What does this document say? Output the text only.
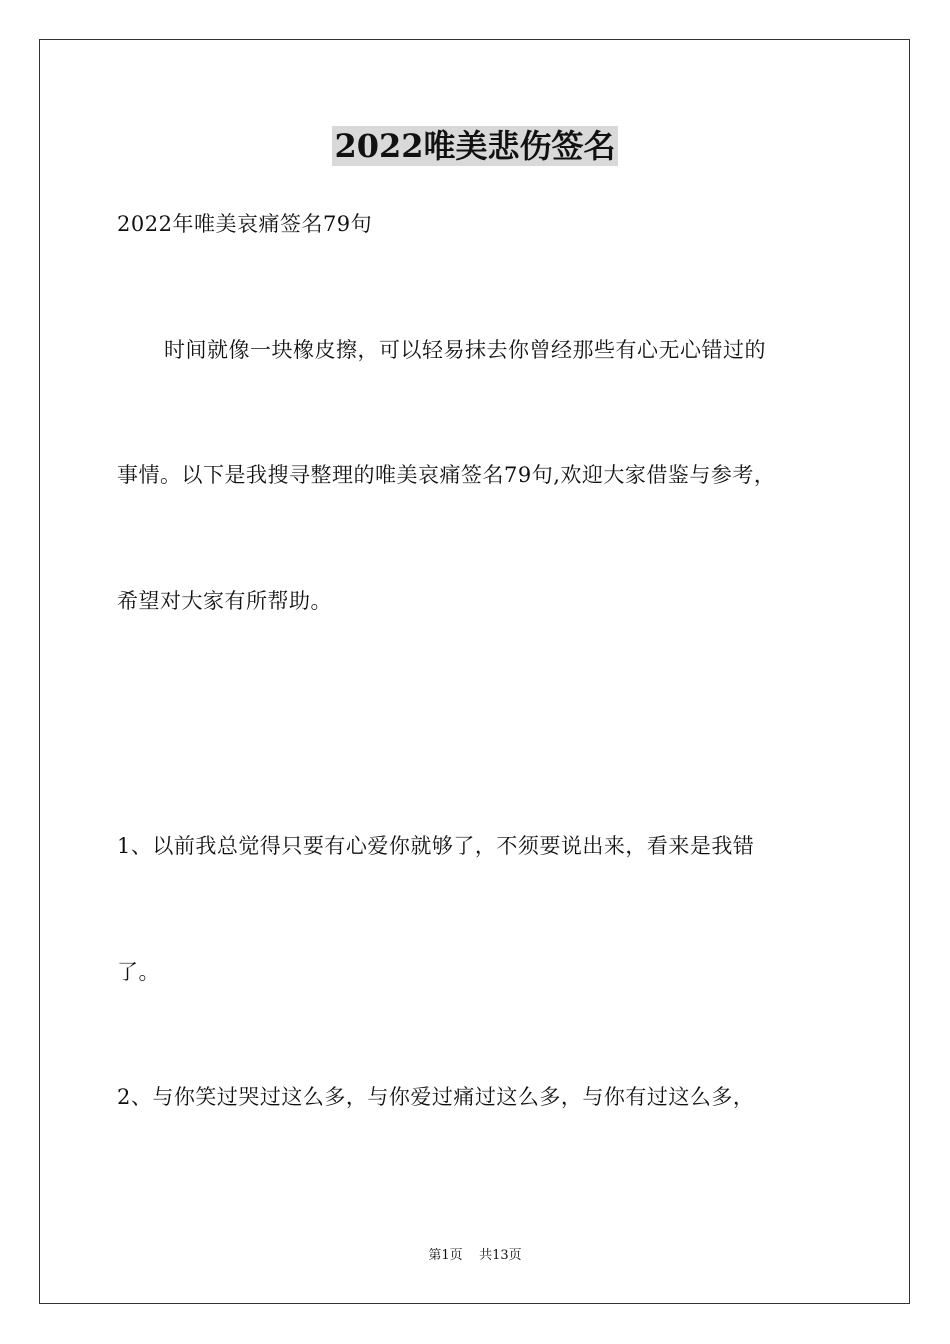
2022唯美悲伤签名
2022年唯美哀痛签名79句
时间就像一块橡皮擦，可以轻易抹去你曾经那些有心无心错过的
事情。以下是我搜寻整理的唯美哀痛签名79句,欢迎大家借鉴与参考，
希望对大家有所帮助。
1、以前我总觉得只要有心爱你就够了，不须要说出来，看来是我错
了。
2、与你笑过哭过这么多，与你爱过痛过这么多，与你有过这么多，
第1页 共13页
